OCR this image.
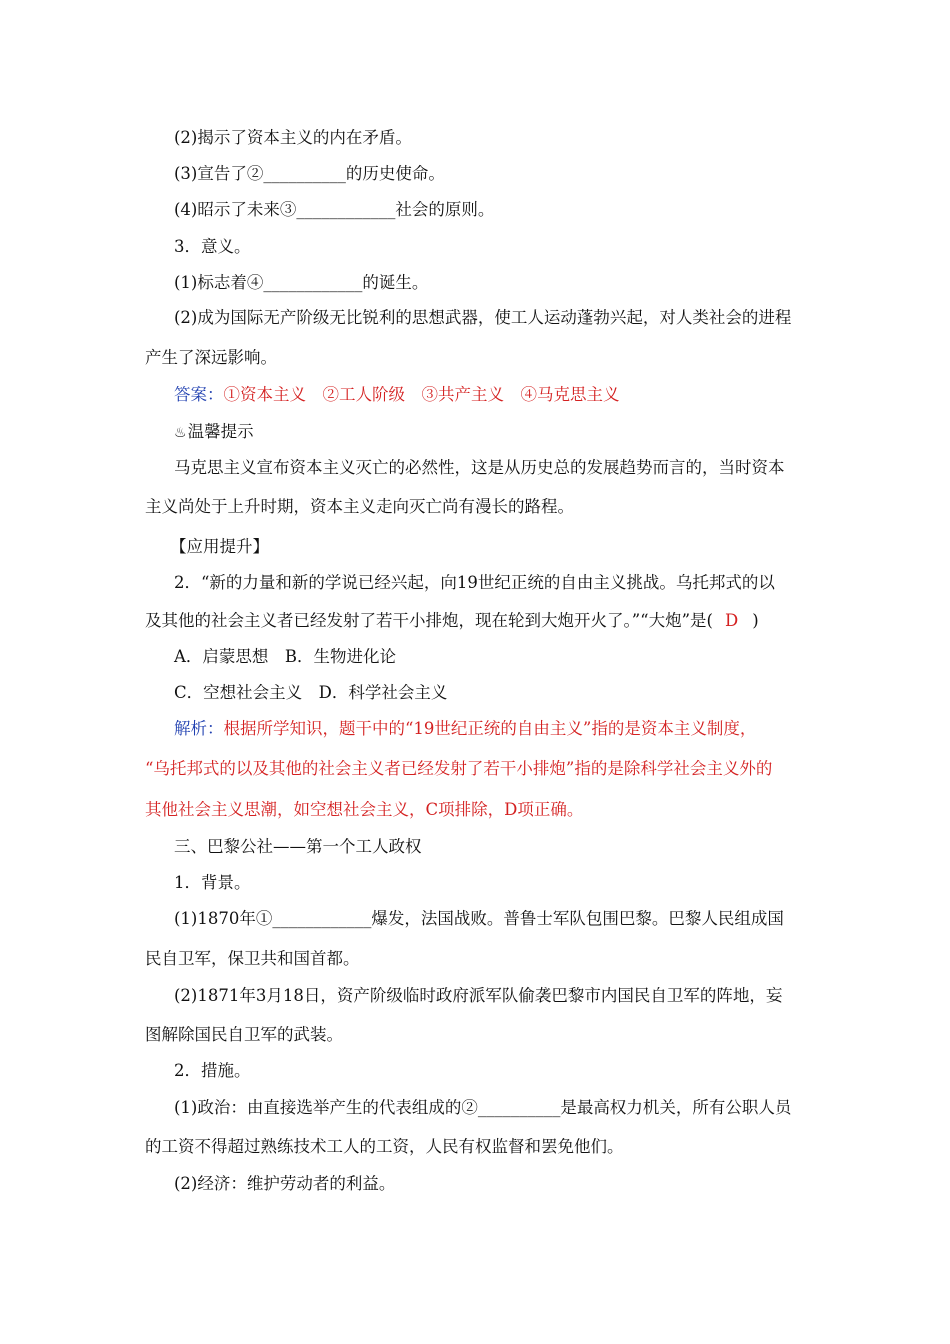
(2)揭示了资本主义的内在矛盾。
(3)宣告了②__________的历史使命。
(4)昭示了未来③____________社会的原则。
3．意义。
(1)标志着④____________的诞生。
(2)成为国际无产阶级无比锐利的思想武器，使工人运动蓬勃兴起，对人类社会的进程
产生了深远影响。
答案：①资本主义　②工人阶级　③共产主义　④马克思主义
♨温馨提示
马克思主义宣布资本主义灭亡的必然性，这是从历史总的发展趋势而言的，当时资本
主义尚处于上升时期，资本主义走向灭亡尚有漫长的路程。
【应用提升】
2．“新的力量和新的学说已经兴起，向19世纪正统的自由主义挑战。乌托邦式的以
及其他的社会主义者已经发射了若干小排炮，现在轮到大炮开火了。”“大炮”是( D )
A．启蒙思想　B．生物进化论
C．空想社会主义　D．科学社会主义
解析：根据所学知识，题干中的“19世纪正统的自由主义”指的是资本主义制度，
“乌托邦式的以及其他的社会主义者已经发射了若干小排炮”指的是除科学社会主义外的
其他社会主义思潮，如空想社会主义，C项排除，D项正确。
三、巴黎公社——第一个工人政权
1．背景。
(1)1870年①____________爆发，法国战败。普鲁士军队包围巴黎。巴黎人民组成国
民自卫军，保卫共和国首都。
(2)1871年3月18日，资产阶级临时政府派军队偷袭巴黎市内国民自卫军的阵地，妄
图解除国民自卫军的武装。
2．措施。
(1)政治：由直接选举产生的代表组成的②__________是最高权力机关，所有公职人员
的工资不得超过熟练技术工人的工资，人民有权监督和罢免他们。
(2)经济：维护劳动者的利益。
